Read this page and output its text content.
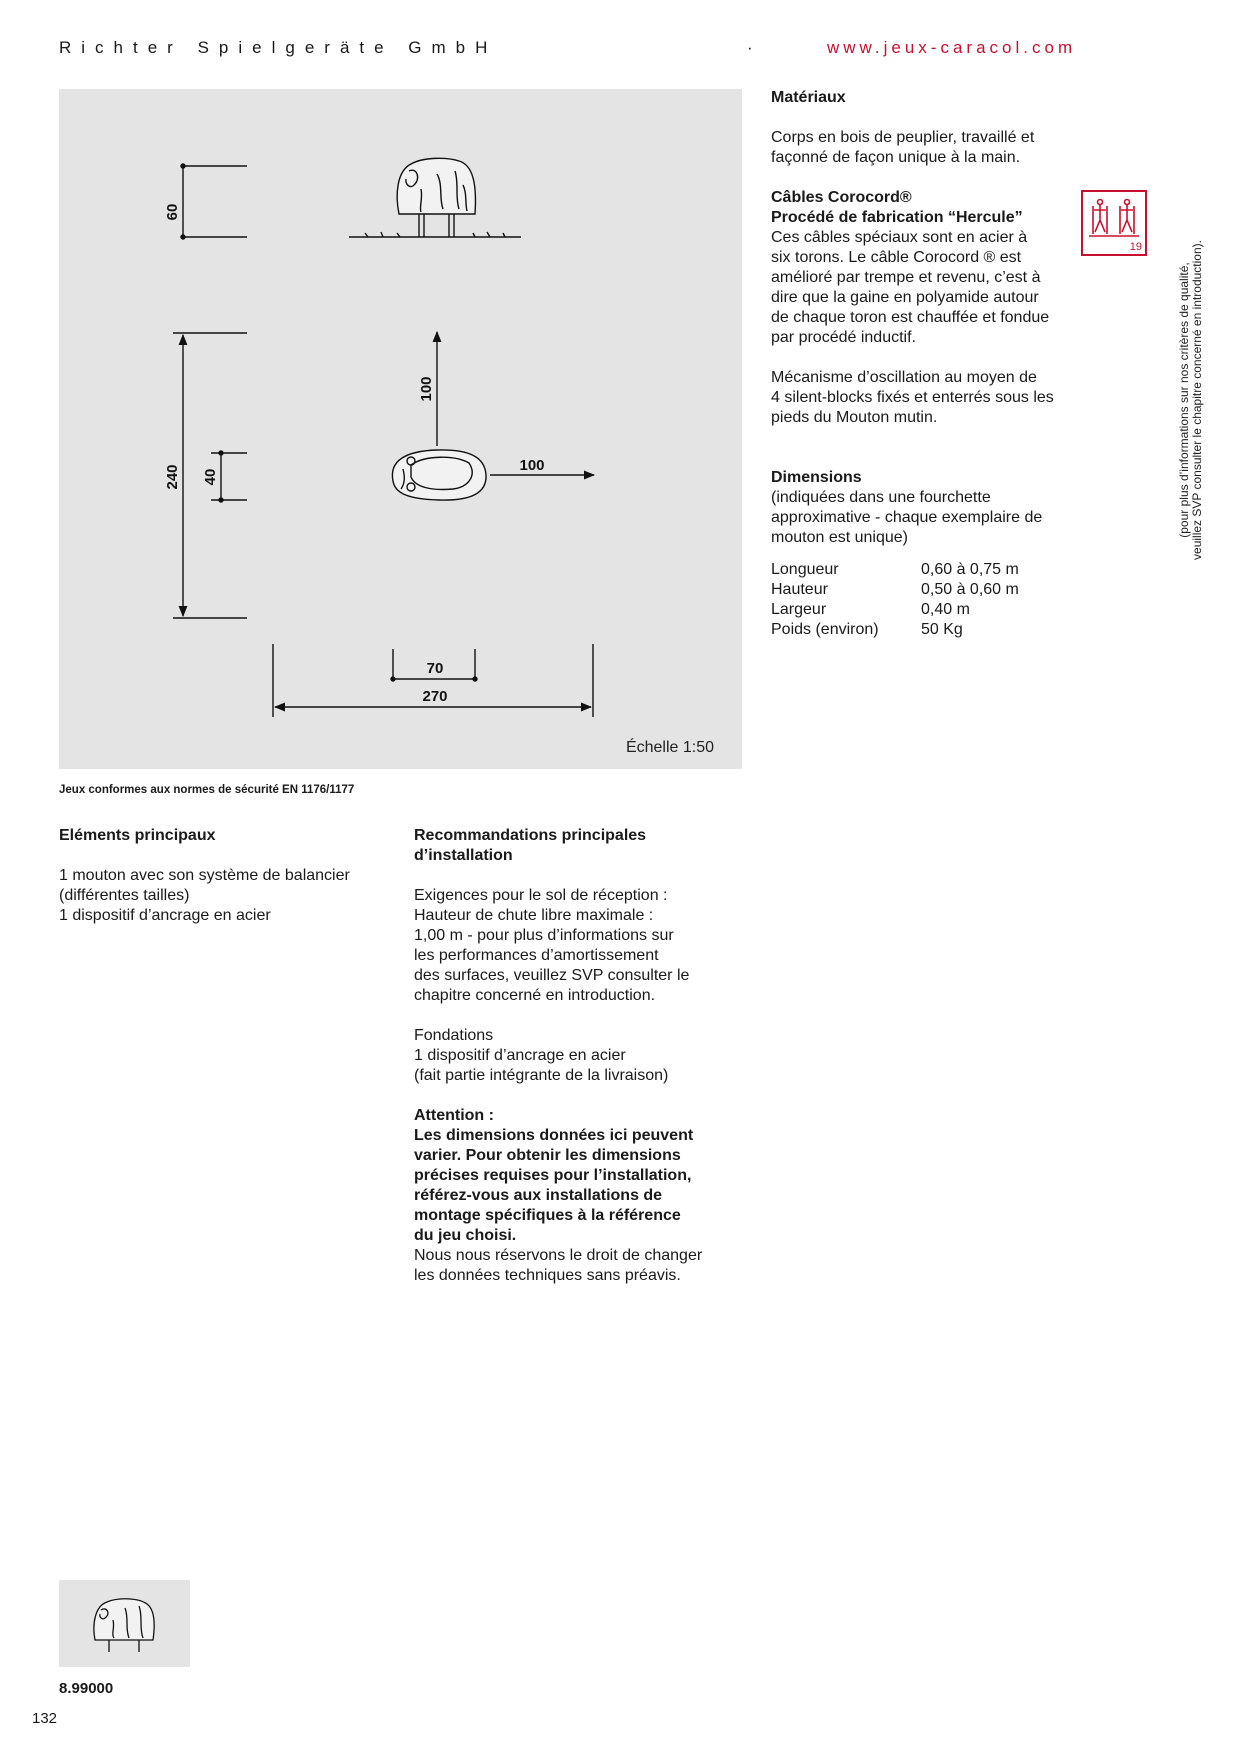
Richter Spielgeräte GmbH	·	www.jeux-caracol.com
60
240 40
100
100
70
270
Échelle 1:50
Jeux conformes aux normes de sécurité EN 1176/1177
Matériaux

Corps en bois de peuplier, travaillé et
façonné de façon unique à la main.

Câbles Corocord®
Procédé de fabrication “Hercule”

Ces câbles spéciaux sont en acier à
six torons. Le câble Corocord ® est
amélioré par trempe et revenu, c’est à
dire que la gaine en polyamide autour
de chaque toron est chauffée et fondue
par procédé inductif.

Mécanisme d’oscillation au moyen de
4 silent-blocks fixés et enterrés sous les
pieds du Mouton mutin.

Dimensions

(indiquées dans une fourchette
approximative - chaque exemplaire de
mouton est unique)

Longueur	0,60 à 0,75 m
Hauteur	0,50 à 0,60 m
Largeur	0,40 m
Poids (environ)	50 Kg
19
(pour plus d’informations sur nos critères de qualité,
veuillez SVP consulter le chapitre concerné en introduction).
Eléments principaux

1 mouton avec son système de balancier
(différentes tailles)
1 dispositif d’ancrage en acier

Recommandations principales
d’installation

Exigences pour le sol de réception :
Hauteur de chute libre maximale :
1,00 m - pour plus d’informations sur
les performances d’amortissement
des surfaces, veuillez SVP consulter le
chapitre concerné en introduction.

Fondations
1 dispositif d’ancrage en acier
(fait partie intégrante de la livraison)

Attention :

Les dimensions données ici peuvent
varier. Pour obtenir les dimensions
précises requises pour l’installation,
référez-vous aux installations de
montage spécifiques à la référence
du jeu choisi.

Nous nous réservons le droit de changer
les données techniques sans préavis.

8.99000
132
